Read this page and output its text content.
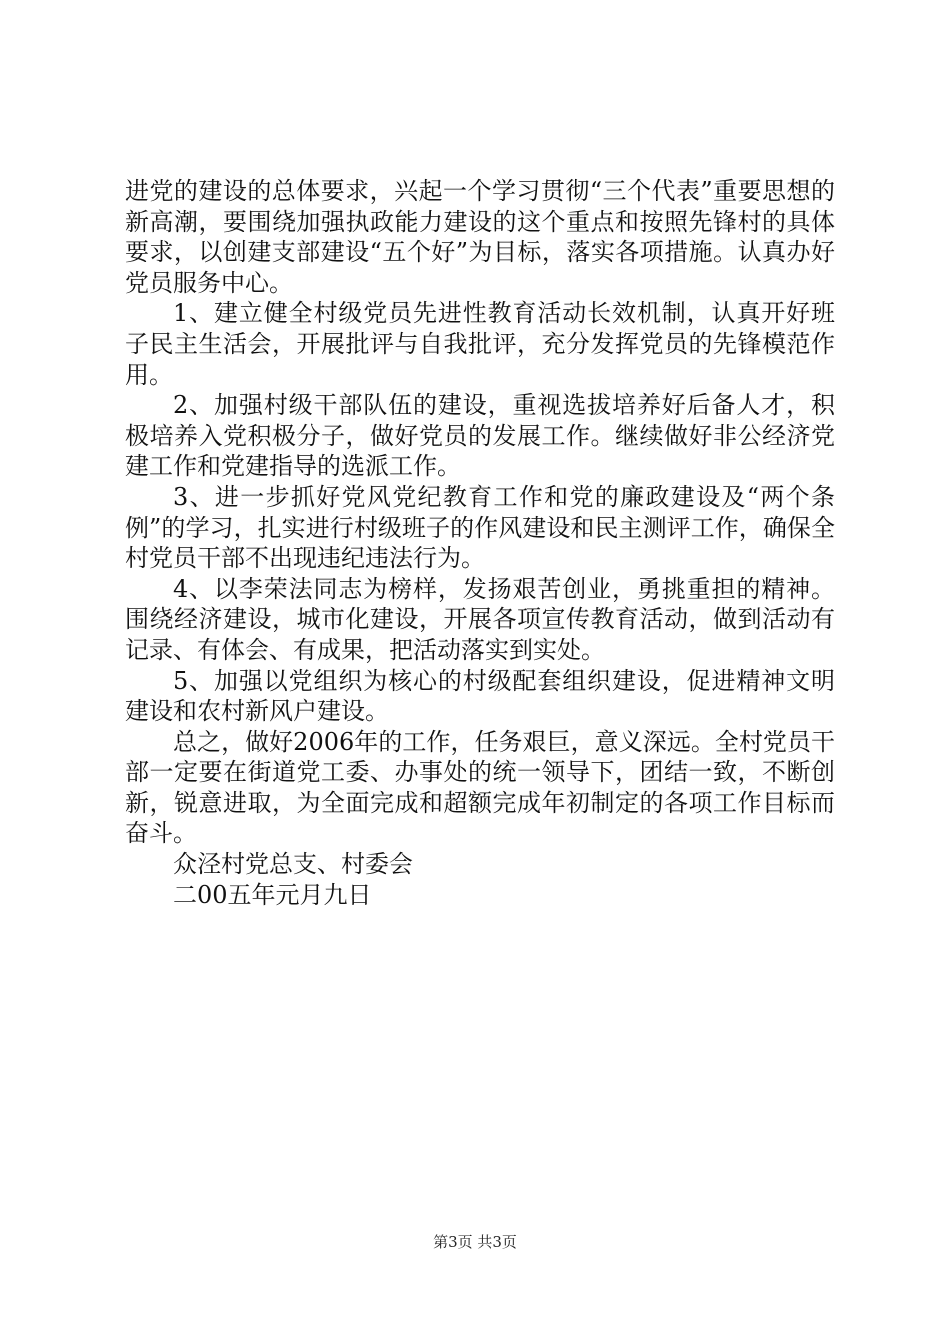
进党的建设的总体要求，兴起一个学习贯彻“三个代表”重要思想的新高潮，要围绕加强执政能力建设的这个重点和按照先锋村的具体要求，以创建支部建设“五个好”为目标，落实各项措施。认真办好党员服务中心。

1、建立健全村级党员先进性教育活动长效机制，认真开好班子民主生活会，开展批评与自我批评，充分发挥党员的先锋模范作用。

2、加强村级干部队伍的建设，重视选拔培养好后备人才，积极培养入党积极分子，做好党员的发展工作。继续做好非公经济党建工作和党建指导的选派工作。

3、进一步抓好党风党纪教育工作和党的廉政建设及“两个条例”的学习，扎实进行村级班子的作风建设和民主测评工作，确保全村党员干部不出现违纪违法行为。

4、以李荣法同志为榜样，发扬艰苦创业，勇挑重担的精神。围绕经济建设，城市化建设，开展各项宣传教育活动，做到活动有记录、有体会、有成果，把活动落实到实处。

5、加强以党组织为核心的村级配套组织建设，促进精神文明建设和农村新风户建设。

总之，做好2006年的工作，任务艰巨，意义深远。全村党员干部一定要在街道党工委、办事处的统一领导下，团结一致，不断创新，锐意进取，为全面完成和超额完成年初制定的各项工作目标而奋斗。

众泾村党总支、村委会

二00五年元月九日

第3页 共3页
